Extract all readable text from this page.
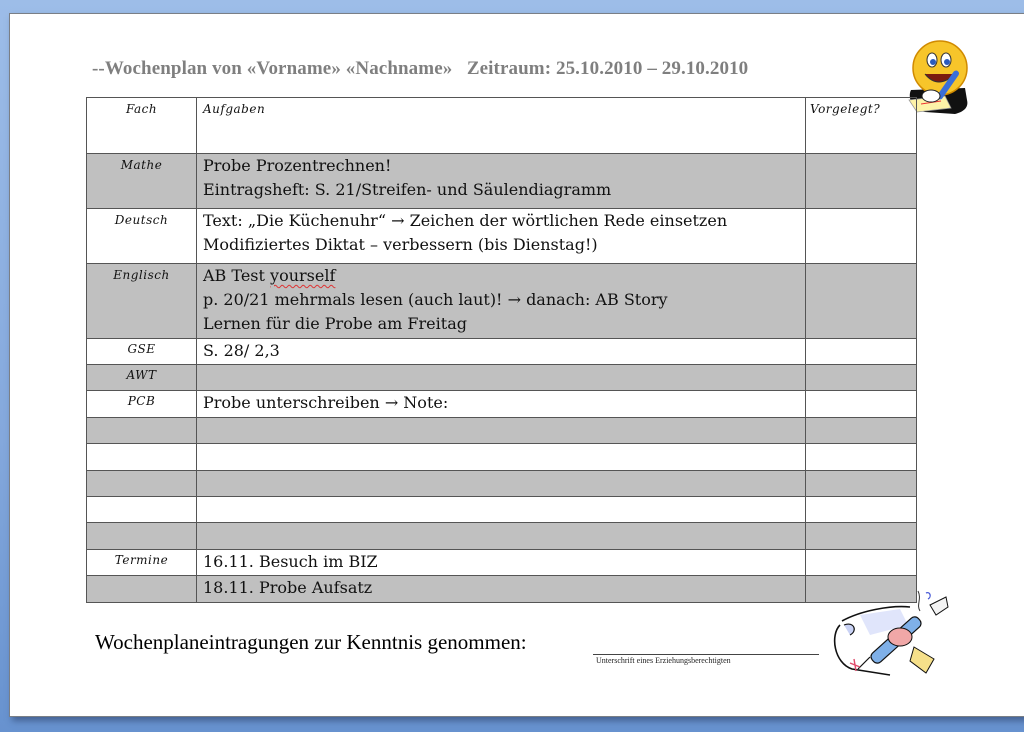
--Wochenplan von «Vorname» «Nachname»   Zeitraum: 25.10.2010 – 29.10.2010
Fach	Aufgaben	Vorgelegt?

Mathe	Probe Prozentrechnen!
Eintragsheft: S. 21/Streifen- und Säulendiagramm	

Deutsch	Text: „Die Küchenuhr“ → Zeichen der wörtlichen Rede einsetzen
Modifiziertes Diktat – verbessern (bis Dienstag!)	

Englisch	AB Test yourself
p. 20/21 mehrmals lesen (auch laut)! → danach: AB Story
Lernen für die Probe am Freitag	

GSE	S. 28/ 2,3	

AWT	

PCB	Probe unterschreiben → Note:	

Termine	16.11. Besuch im BIZ	

	18.11. Probe Aufsatz	

Wochenplaneintragungen zur Kenntnis genommen:
Unterschrift eines Erziehungsberechtigten
